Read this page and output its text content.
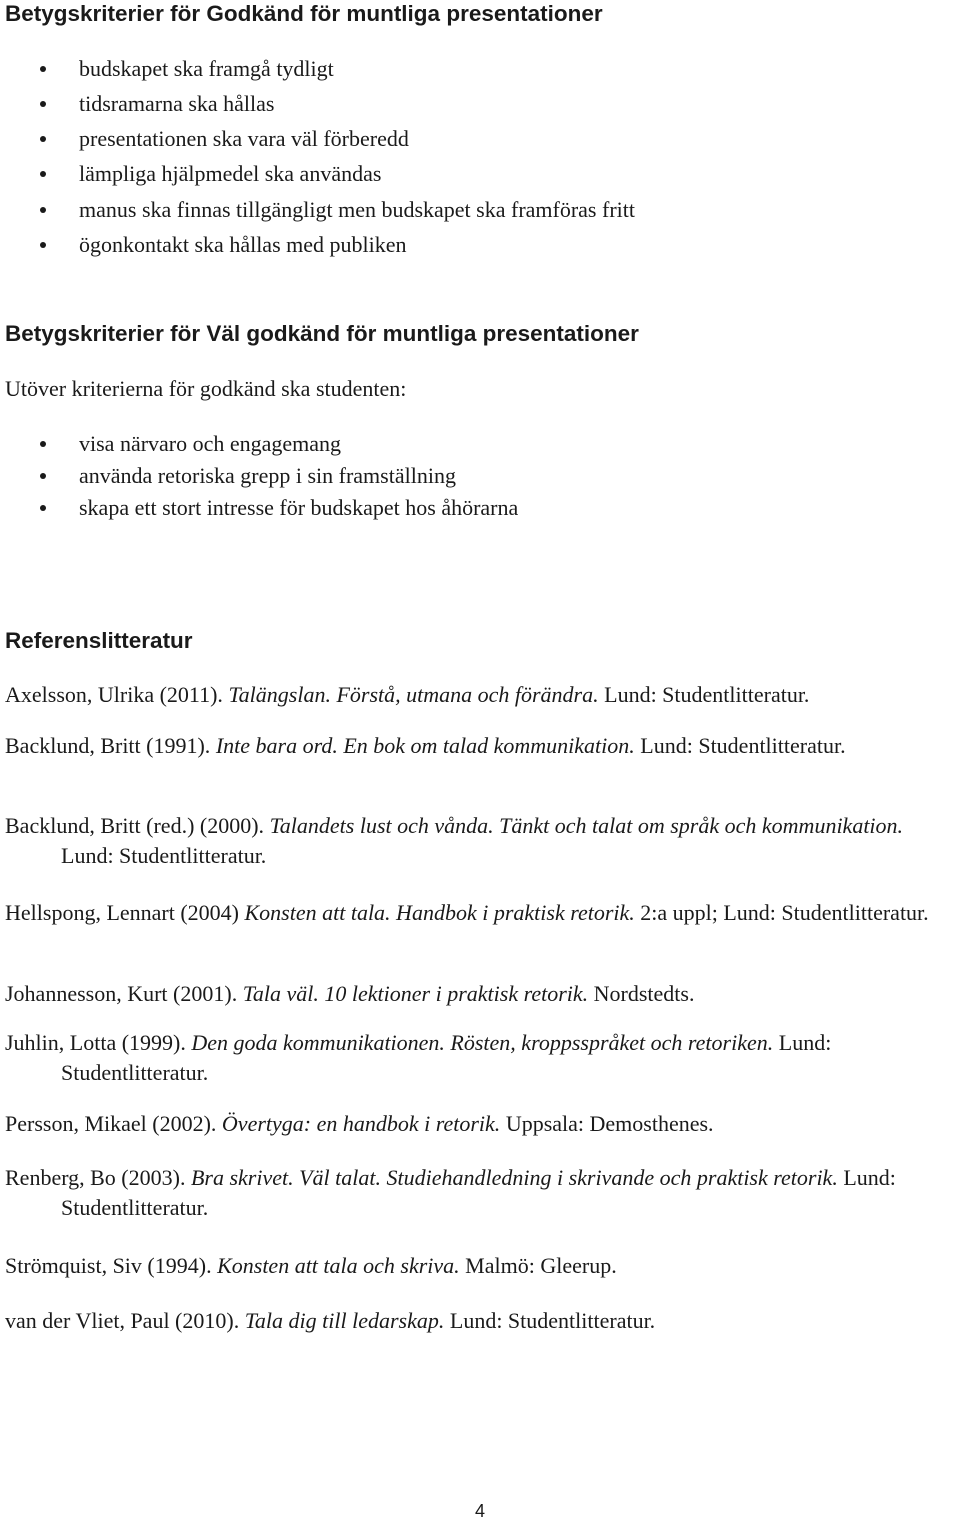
Betygskriterier för Godkänd för muntliga presentationer
budskapet ska framgå tydligt
tidsramarna ska hållas
presentationen ska vara väl förberedd
lämpliga hjälpmedel ska användas
manus ska finnas tillgängligt men budskapet ska framföras fritt
ögonkontakt ska hållas med publiken
Betygskriterier för Väl godkänd för muntliga presentationer

Utöver kriterierna för godkänd ska studenten:

visa närvaro och engagemang
använda retoriska grepp i sin framställning
skapa ett stort intresse för budskapet hos åhörarna
Referenslitteratur

Axelsson, Ulrika (2011). Talängslan. Förstå, utmana och förändra. Lund: Studentlitteratur.

Backlund, Britt (1991). Inte bara ord. En bok om talad kommunikation. Lund: Studentlitteratur.

Backlund, Britt (red.) (2000). Talandets lust och vånda. Tänkt och talat om språk och kommunikation. Lund: Studentlitteratur.

Hellspong, Lennart (2004) Konsten att tala. Handbok i praktisk retorik. 2:a uppl; Lund: Studentlitteratur.

Johannesson, Kurt (2001). Tala väl. 10 lektioner i praktisk retorik. Nordstedts.

Juhlin, Lotta (1999). Den goda kommunikationen. Rösten, kroppsspråket och retoriken. Lund: Studentlitteratur.

Persson, Mikael (2002). Övertyga: en handbok i retorik. Uppsala: Demosthenes.

Renberg, Bo (2003). Bra skrivet. Väl talat. Studiehandledning i skrivande och praktisk retorik. Lund: Studentlitteratur.

Strömquist, Siv (1994). Konsten att tala och skriva. Malmö: Gleerup.

van der Vliet, Paul (2010). Tala dig till ledarskap. Lund: Studentlitteratur.

4
